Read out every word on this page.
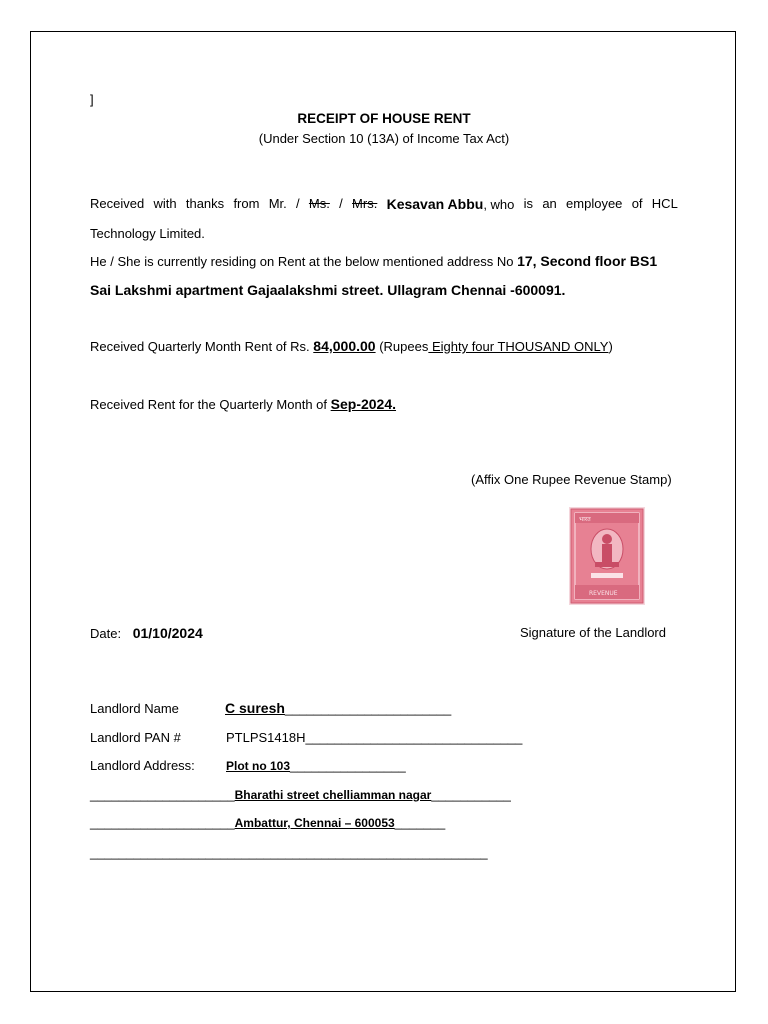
]
RECEIPT OF HOUSE RENT
(Under Section 10 (13A) of Income Tax Act)
Received with thanks from Mr. / Ms. / Mrs. Kesavan Abbu, who is an employee of HCL
Technology Limited.
He / She is currently residing on Rent at the below mentioned address No 17, Second floor BS1
Sai Lakshmi apartment Gajaalakshmi street. Ullagram Chennai -600091.
Received Quarterly Month Rent of Rs. 84,000.00 (Rupees Eighty four THOUSAND ONLY)
Received Rent for the Quarterly Month of Sep-2024.
(Affix One Rupee Revenue Stamp)
भारत
REVENUE
Date: 01/10/2024	Signature of the Landlord
Landlord Name	C suresh_______________________
Landlord PAN #	PTLPS1418H______________________________
Landlord Address:	Plot no 103________________
____________________Bharathi street chelliamman nagar___________
____________________Ambattur, Chennai – 600053_______
_______________________________________________________
